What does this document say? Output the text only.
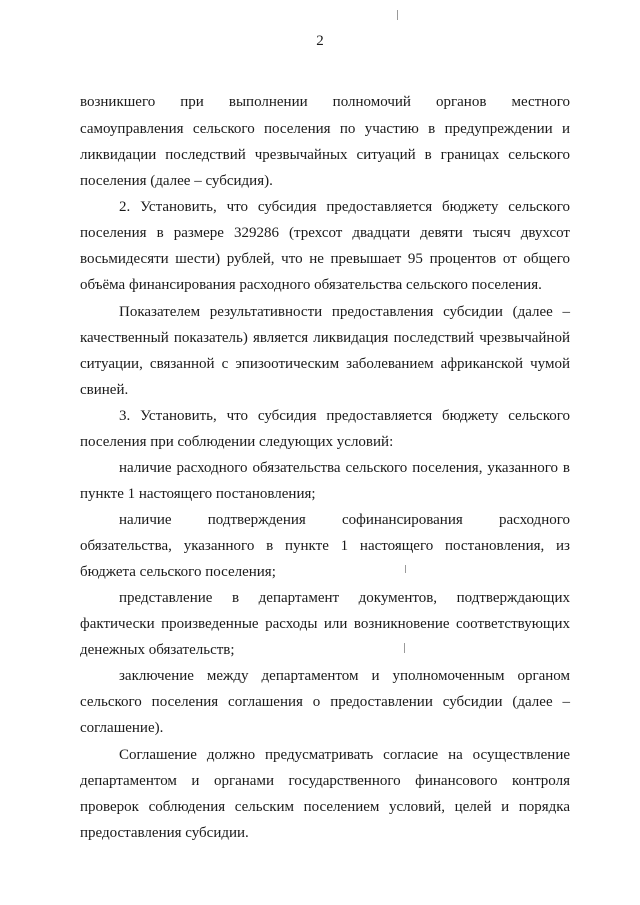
2
возникшего при выполнении полномочий органов местного
самоуправления сельского поселения по участию в предупреждении и
ликвидации последствий чрезвычайных ситуаций в границах сельского
поселения (далее – субсидия).
2. Установить, что субсидия предоставляется бюджету сельского
поселения в размере 329286 (трехсот двадцати девяти тысяч двухсот
восьмидесяти шести) рублей, что не превышает 95 процентов от общего
объёма финансирования расходного обязательства сельского поселения.
Показателем результативности предоставления субсидии (далее –
качественный показатель) является ликвидация последствий чрезвычайной
ситуации, связанной с эпизоотическим заболеванием африканской чумой
свиней.
3. Установить, что субсидия предоставляется бюджету сельского
поселения при соблюдении следующих условий:
наличие расходного обязательства сельского поселения, указанного в
пункте 1 настоящего постановления;
наличие подтверждения софинансирования расходного
обязательства, указанного в пункте 1 настоящего постановления, из
бюджета сельского поселения;
представление в департамент документов, подтверждающих
фактически произведенные расходы или возникновение соответствующих
денежных обязательств;
заключение между департаментом и уполномоченным органом
сельского поселения соглашения о предоставлении субсидии (далее –
соглашение).
Соглашение должно предусматривать согласие на осуществление
департаментом и органами государственного финансового контроля
проверок соблюдения сельским поселением условий, целей и порядка
предоставления субсидии.
